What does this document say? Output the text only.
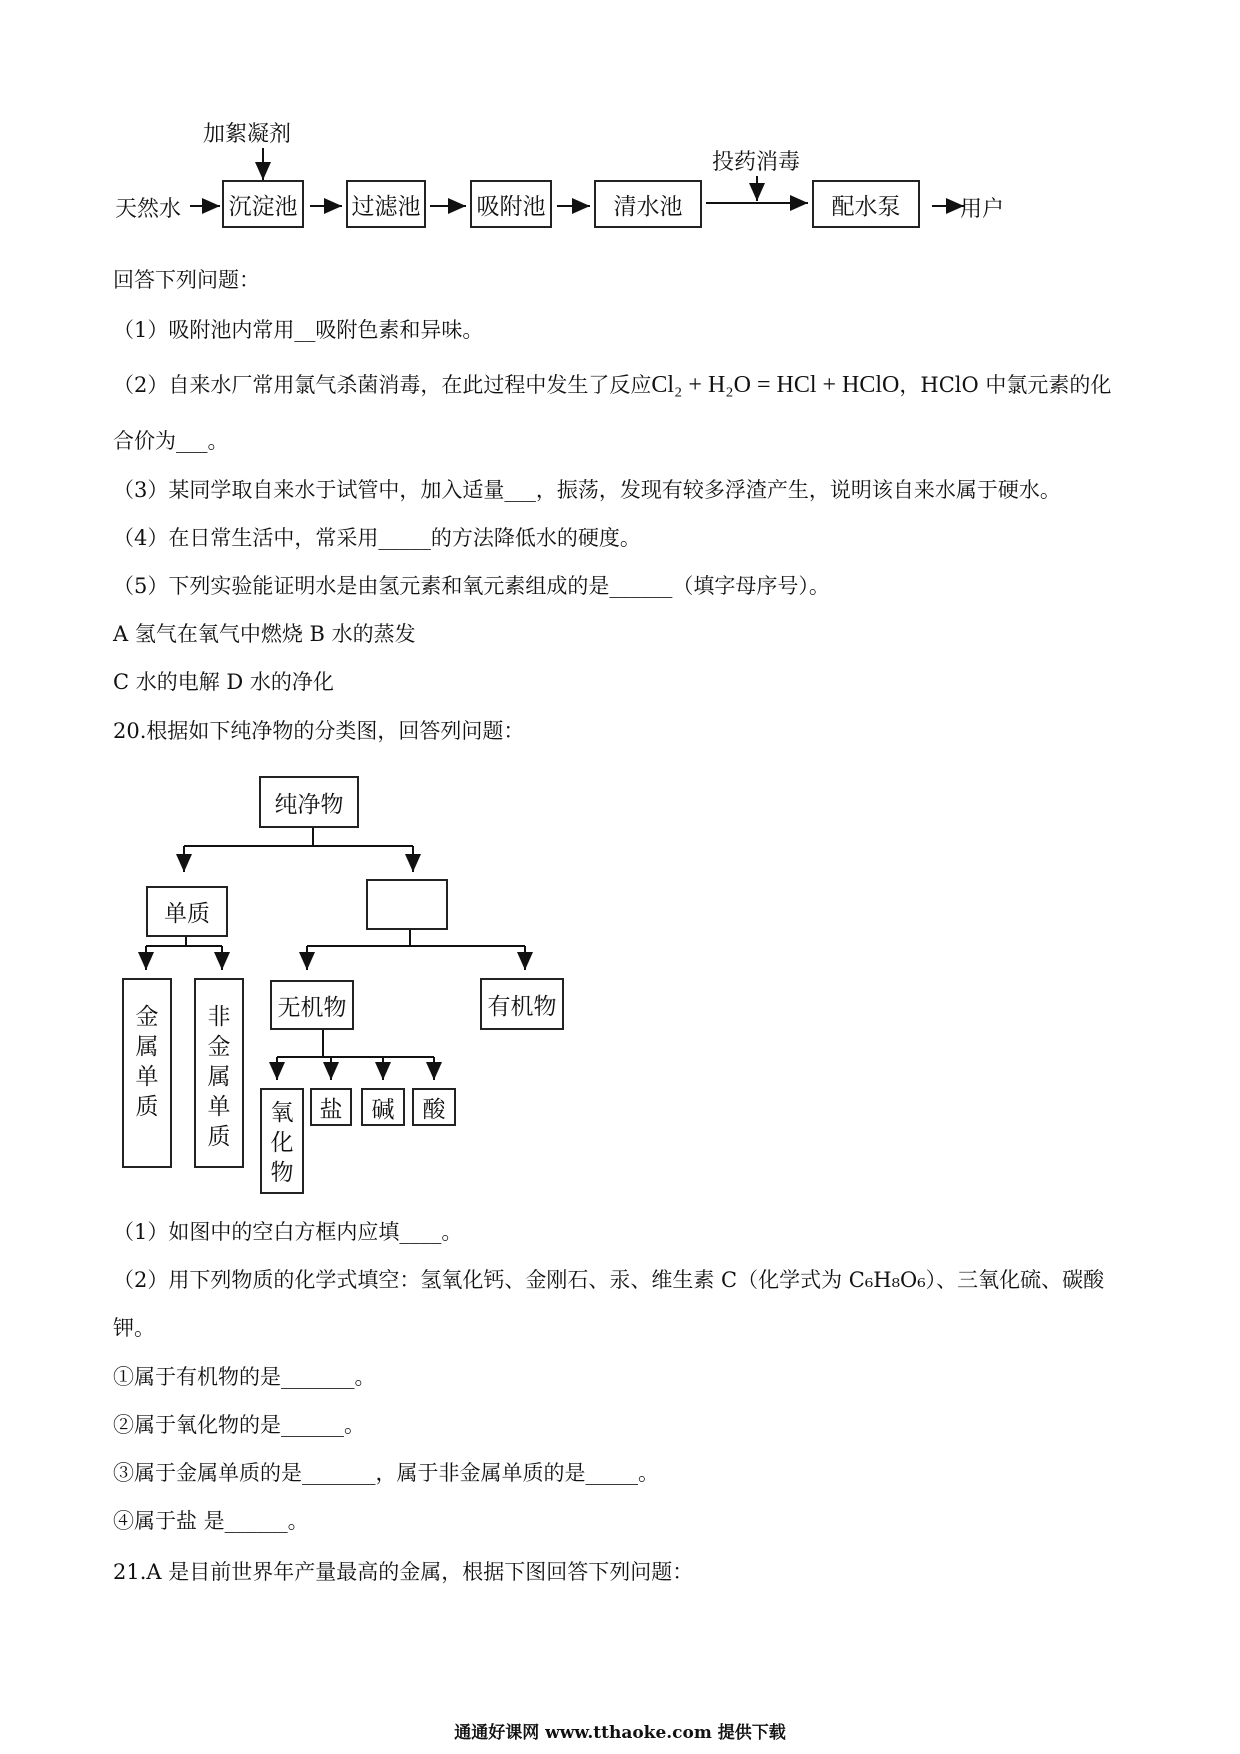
天然水
加絮凝剂
沉淀池 过滤池 吸附池	清水池
投药消毒
配水泵	用户
回答下列问题：
（1）吸附池内常用__吸附色素和异味。
（2）自来水厂常用氯气杀菌消毒，在此过程中发生了反应Cl₂ + H₂O = HCl + HClO，HClO 中氯元素的化
合价为___。
（3）某同学取自来水于试管中，加入适量___，振荡，发现有较多浮渣产生，说明该自来水属于硬水。
（4）在日常生活中，常采用_____的方法降低水的硬度。
（5）下列实验能证明水是由氢元素和氧元素组成的是______（填字母序号）。
A 氢气在氧气中燃烧 B 水的蒸发
C 水的电解 D 水的净化
20.根据如下纯净物的分类图，回答列问题：
纯净物
单质
金属单质
非金属单质
无机物	有机物
氧化物
盐	碱	酸
（1）如图中的空白方框内应填____。
（2）用下列物质的化学式填空：氢氧化钙、金刚石、汞、维生素 C（化学式为 C₆H₈O₆）、三氧化硫、碳酸
钾。
①属于有机物的是_______。
②属于氧化物的是______。
③属于金属单质的是_______，属于非金属单质的是_____。
④属于盐 是______。
21.A 是目前世界年产量最高的金属，根据下图回答下列问题：
通通好课网 www.tthaoke.com 提供下载
